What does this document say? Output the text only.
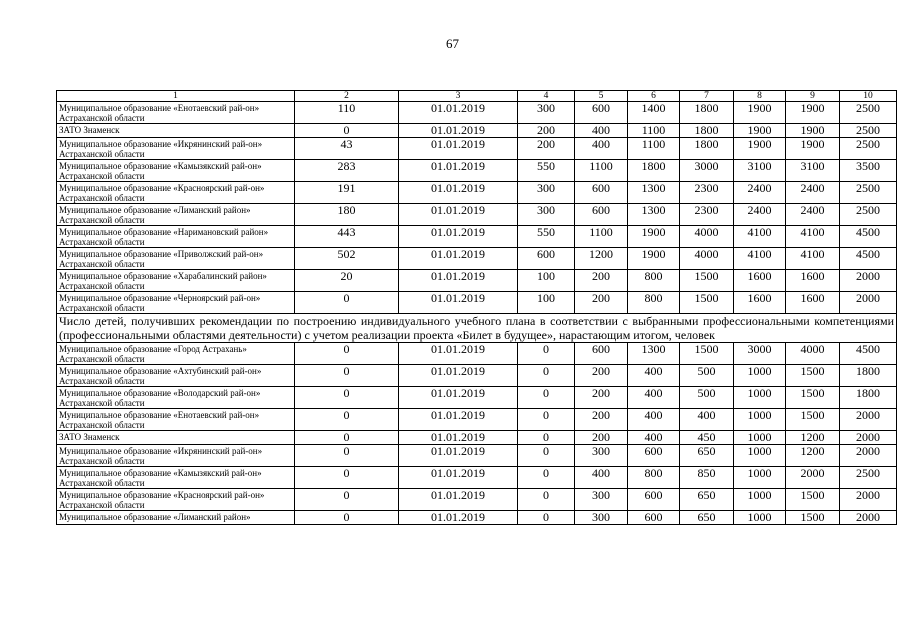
67
1	2	3	4	5	6	7	8	9	10
Муниципальное образование «Енотаевский рай-он» Астраханской области	110	01.01.2019	300	600	1400	1800	1900	1900	2500
ЗАТО Знаменск	0	01.01.2019	200	400	1100	1800	1900	1900	2500
Муниципальное образование «Икрянинский рай-он» Астраханской области	43	01.01.2019	200	400	1100	1800	1900	1900	2500
Муниципальное образование «Камызякский рай-он» Астраханской области	283	01.01.2019	550	1100	1800	3000	3100	3100	3500
Муниципальное образование «Красноярский рай-он» Астраханской области	191	01.01.2019	300	600	1300	2300	2400	2400	2500
Муниципальное образование «Лиманский район» Астраханской области	180	01.01.2019	300	600	1300	2300	2400	2400	2500
Муниципальное образование «Наримановский район» Астраханской области	443	01.01.2019	550	1100	1900	4000	4100	4100	4500
Муниципальное образование «Приволжский рай-он» Астраханской области	502	01.01.2019	600	1200	1900	4000	4100	4100	4500
Муниципальное образование «Харабалинский район» Астраханской области	20	01.01.2019	100	200	800	1500	1600	1600	2000
Муниципальное образование «Черноярский рай-он» Астраханской области	0	01.01.2019	100	200	800	1500	1600	1600	2000
Число детей, получивших рекомендации по построению индивидуального учебного плана в соответствии с выбранными профессиональными компетенциями (профессиональными областями деятельности) с учетом реализации проекта «Билет в будущее», нарастающим итогом, человек									
Муниципальное образование «Город Астрахань» Астраханской области	0	01.01.2019	0	600	1300	1500	3000	4000	4500
Муниципальное образование «Ахтубинский рай-он» Астраханской области	0	01.01.2019	0	200	400	500	1000	1500	1800
Муниципальное образование «Володарский рай-он» Астраханской области	0	01.01.2019	0	200	400	500	1000	1500	1800
Муниципальное образование «Енотаевский рай-он» Астраханской области	0	01.01.2019	0	200	400	400	1000	1500	2000
ЗАТО Знаменск	0	01.01.2019	0	200	400	450	1000	1200	2000
Муниципальное образование «Икрянинский рай-он» Астраханской области	0	01.01.2019	0	300	600	650	1000	1200	2000
Муниципальное образование «Камызякский рай-он» Астраханской области	0	01.01.2019	0	400	800	850	1000	2000	2500
Муниципальное образование «Красноярский рай-он» Астраханской области	0	01.01.2019	0	300	600	650	1000	1500	2000
Муниципальное образование «Лиманский район»	0	01.01.2019	0	300	600	650	1000	1500	2000
